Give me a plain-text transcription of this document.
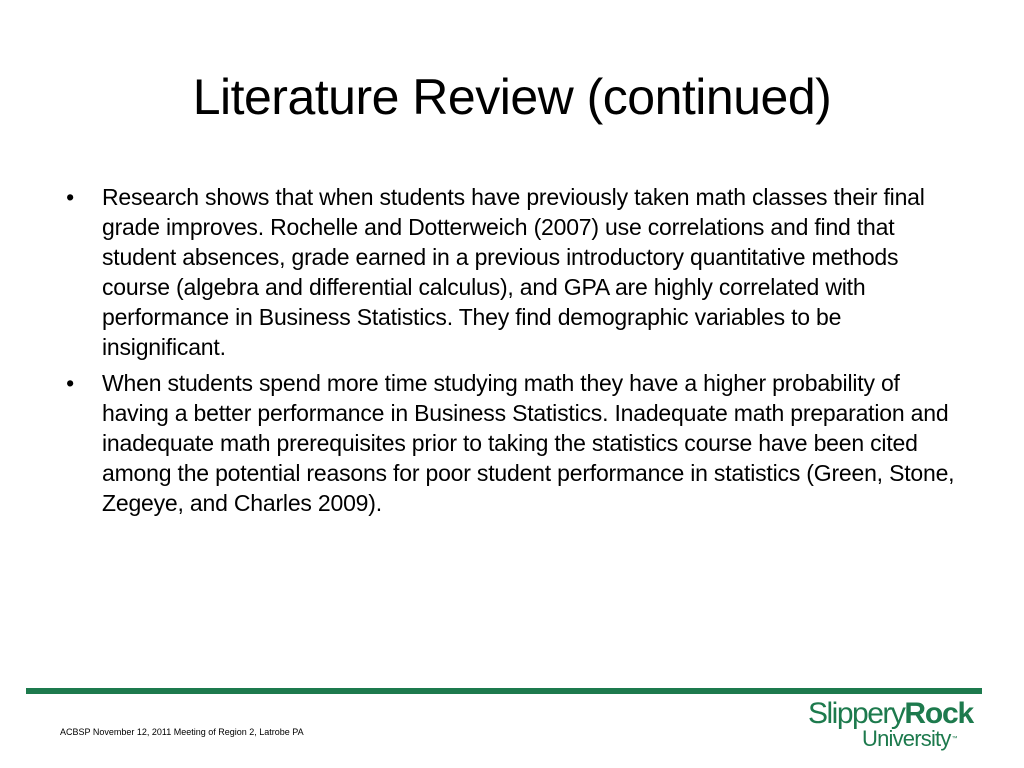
Literature Review (continued)
• Research shows that when students have previously taken math classes their final grade improves. Rochelle and Dotterweich (2007) use correlations and find that student absences, grade earned in a previous introductory quantitative methods course (algebra and differential calculus), and GPA are highly correlated with performance in Business Statistics. They find demographic variables to be insignificant.
• When students spend more time studying math they have a higher probability of having a better performance in Business Statistics. Inadequate math preparation and inadequate math prerequisites prior to taking the statistics course have been cited among the potential reasons for poor student performance in statistics (Green, Stone, Zegeye, and Charles 2009).
ACBSP November 12, 2011 Meeting of Region 2, Latrobe PA
SlipperyRock
University™
